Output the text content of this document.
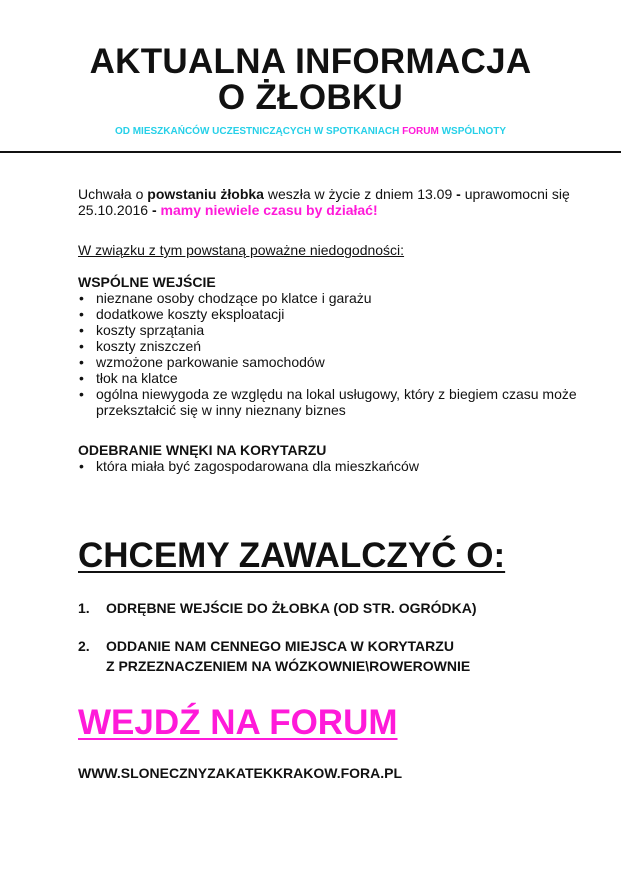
AKTUALNA INFORMACJA
O ŻŁOBKU
OD MIESZKAŃCÓW UCZESTNICZĄCYCH W SPOTKANIACH FORUM WSPÓLNOTY

Uchwała o powstaniu żłobka weszła w życie z dniem 13.09 - uprawomocni się 25.10.2016 - mamy niewiele czasu by działać!

W związku z tym powstaną poważne niedogodności:

WSPÓLNE WEJŚCIE

• nieznane osoby chodzące po klatce i garażu
• dodatkowe koszty eksploatacji
• koszty sprzątania
• koszty zniszczeń
• wzmożone parkowanie samochodów
• tłok na klatce
• ogólna niewygoda ze względu na lokal usługowy, który z biegiem czasu może przekształcić się w inny nieznany biznes

ODEBRANIE WNĘKI NA KORYTARZU

• która miała być zagospodarowana dla mieszkańców
CHCEMY ZAWALCZYĆ O:
1. ODRĘBNE WEJŚCIE DO ŻŁOBKA (OD STR. OGRÓDKA)
2. ODDANIE NAM CENNEGO MIEJSCA W KORYTARZU
Z PRZEZNACZENIEM NA WÓZKOWNIE\ROWEROWNIE
WEJDŹ NA FORUM
WWW.SLONECZNYZAKATEKKRAKOW.FORA.PL
